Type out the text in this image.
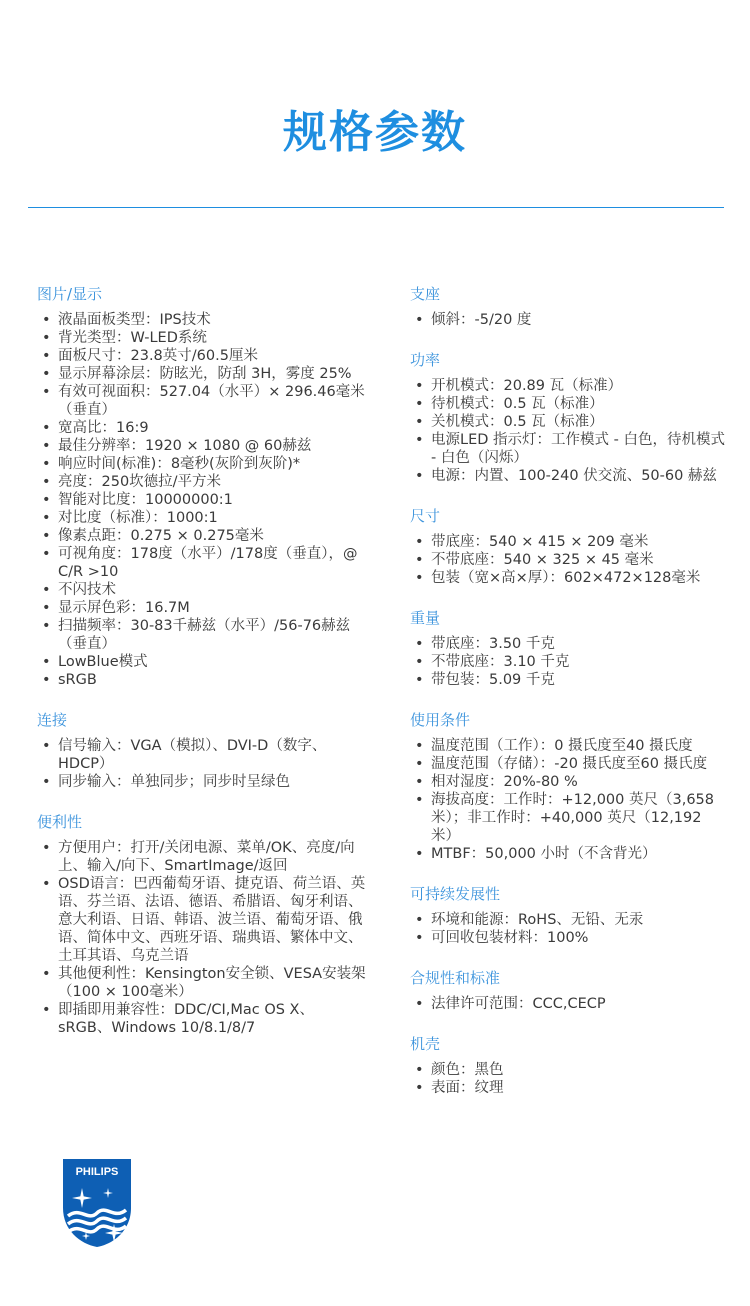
规格参数
图片/显示
• 液晶面板类型：IPS技术
• 背光类型：W-LED系统
• 面板尺寸：23.8英寸/60.5厘米
• 显示屏幕涂层：防眩光，防刮 3H，雾度 25%
• 有效可视面积：527.04（水平）× 296.46毫米（垂直）
• 宽高比：16:9
• 最佳分辨率：1920 × 1080 @ 60赫兹
• 响应时间(标准)：8毫秒(灰阶到灰阶)*
• 亮度：250坎德拉/平方米
• 智能对比度：10000000:1
• 对比度（标准）：1000:1
• 像素点距：0.275 × 0.275毫米
• 可视角度：178度（水平）/178度（垂直），@ C/R >10
• 不闪技术
• 显示屏色彩：16.7M
• 扫描频率：30-83千赫兹（水平）/56-76赫兹（垂直）
• LowBlue模式
• sRGB
连接
• 信号输入：VGA（模拟）、DVI-D（数字、HDCP）
• 同步输入：单独同步；同步时呈绿色
便利性
• 方便用户：打开/关闭电源、菜单/OK、亮度/向上、输入/向下、SmartImage/返回
• OSD语言：巴西葡萄牙语、捷克语、荷兰语、英语、芬兰语、法语、德语、希腊语、匈牙利语、意大利语、日语、韩语、波兰语、葡萄牙语、俄语、简体中文、西班牙语、瑞典语、繁体中文、土耳其语、乌克兰语
• 其他便利性：Kensington安全锁、VESA安装架（100 × 100毫米）
• 即插即用兼容性：DDC/CI,Mac OS X、sRGB、Windows 10/8.1/8/7
支座
• 倾斜：-5/20 度
功率
• 开机模式：20.89 瓦（标准）
• 待机模式：0.5 瓦（标准）
• 关机模式：0.5 瓦（标准）
• 电源LED 指示灯：工作模式 - 白色，待机模式 - 白色（闪烁）
• 电源：内置、100-240 伏交流、50-60 赫兹
尺寸
• 带底座：540 × 415 × 209 毫米
• 不带底座：540 × 325 × 45 毫米
• 包装（宽×高×厚）：602×472×128毫米
重量
• 带底座：3.50 千克
• 不带底座：3.10 千克
• 带包装：5.09 千克
使用条件
• 温度范围（工作）：0 摄氏度至40 摄氏度
• 温度范围（存储）：-20 摄氏度至60 摄氏度
• 相对湿度：20%-80 %
• 海拔高度：工作时：+12,000 英尺（3,658 米）；非工作时：+40,000 英尺（12,192 米）
• MTBF：50,000 小时（不含背光）
可持续发展性
• 环境和能源：RoHS、无铅、无汞
• 可回收包装材料：100%
合规性和标准
• 法律许可范围：CCC,CECP
机壳
• 颜色：黑色
• 表面：纹理
PHILIPS
